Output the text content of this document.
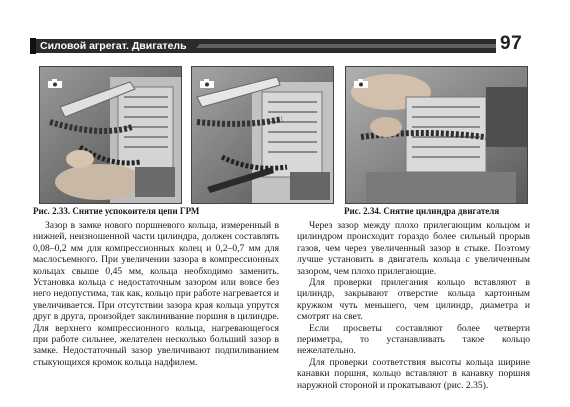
Силовой агрегат. Двигатель	97
Рис. 2.33. Снятие успокоителя цепи ГРМ	Рис. 2.34. Снятие цилиндра двигателя

Зазор в замке нового поршневого кольца, измеренный в нижней, неизношенной части цилиндра, должен составлять 0,08–0,2 мм для компрессионных колец и 0,2–0,7 мм для маслосъемного. При увеличении зазора в компрессионных кольцах свыше 0,45 мм, кольца необходимо заменить. Установка кольца с недостаточным зазором или вовсе без него недопустима, так как, кольцо при работе нагревается и увеличивается. При отсутствии зазора края кольца упрутся друг в друга, произойдет заклинивание поршня в цилиндре. Для верхнего компрессионного кольца, нагревающегося при работе сильнее, желателен несколько больший зазор в замке. Недостаточный зазор увеличивают подпиливанием стыкующихся кромок кольца надфилем.

Через зазор между плохо прилегающим кольцом и цилиндром происходит гораздо более сильный прорыв газов, чем через увеличенный зазор в стыке. Поэтому лучше установить в двигатель кольца с увеличенным зазором, чем плохо прилегающие.

Для проверки прилегания кольцо вставляют в цилиндр, закрывают отверстие кольца картонным кружком чуть меньшего, чем цилиндр, диаметра и смотрят на свет.

Если просветы составляют более четверти периметра, то устанавливать такое кольцо нежелательно.

Для проверки соответствия высоты кольца ширине канавки поршня, кольцо вставляют в канавку поршня наружной стороной и прокатывают (рис. 2.35).
